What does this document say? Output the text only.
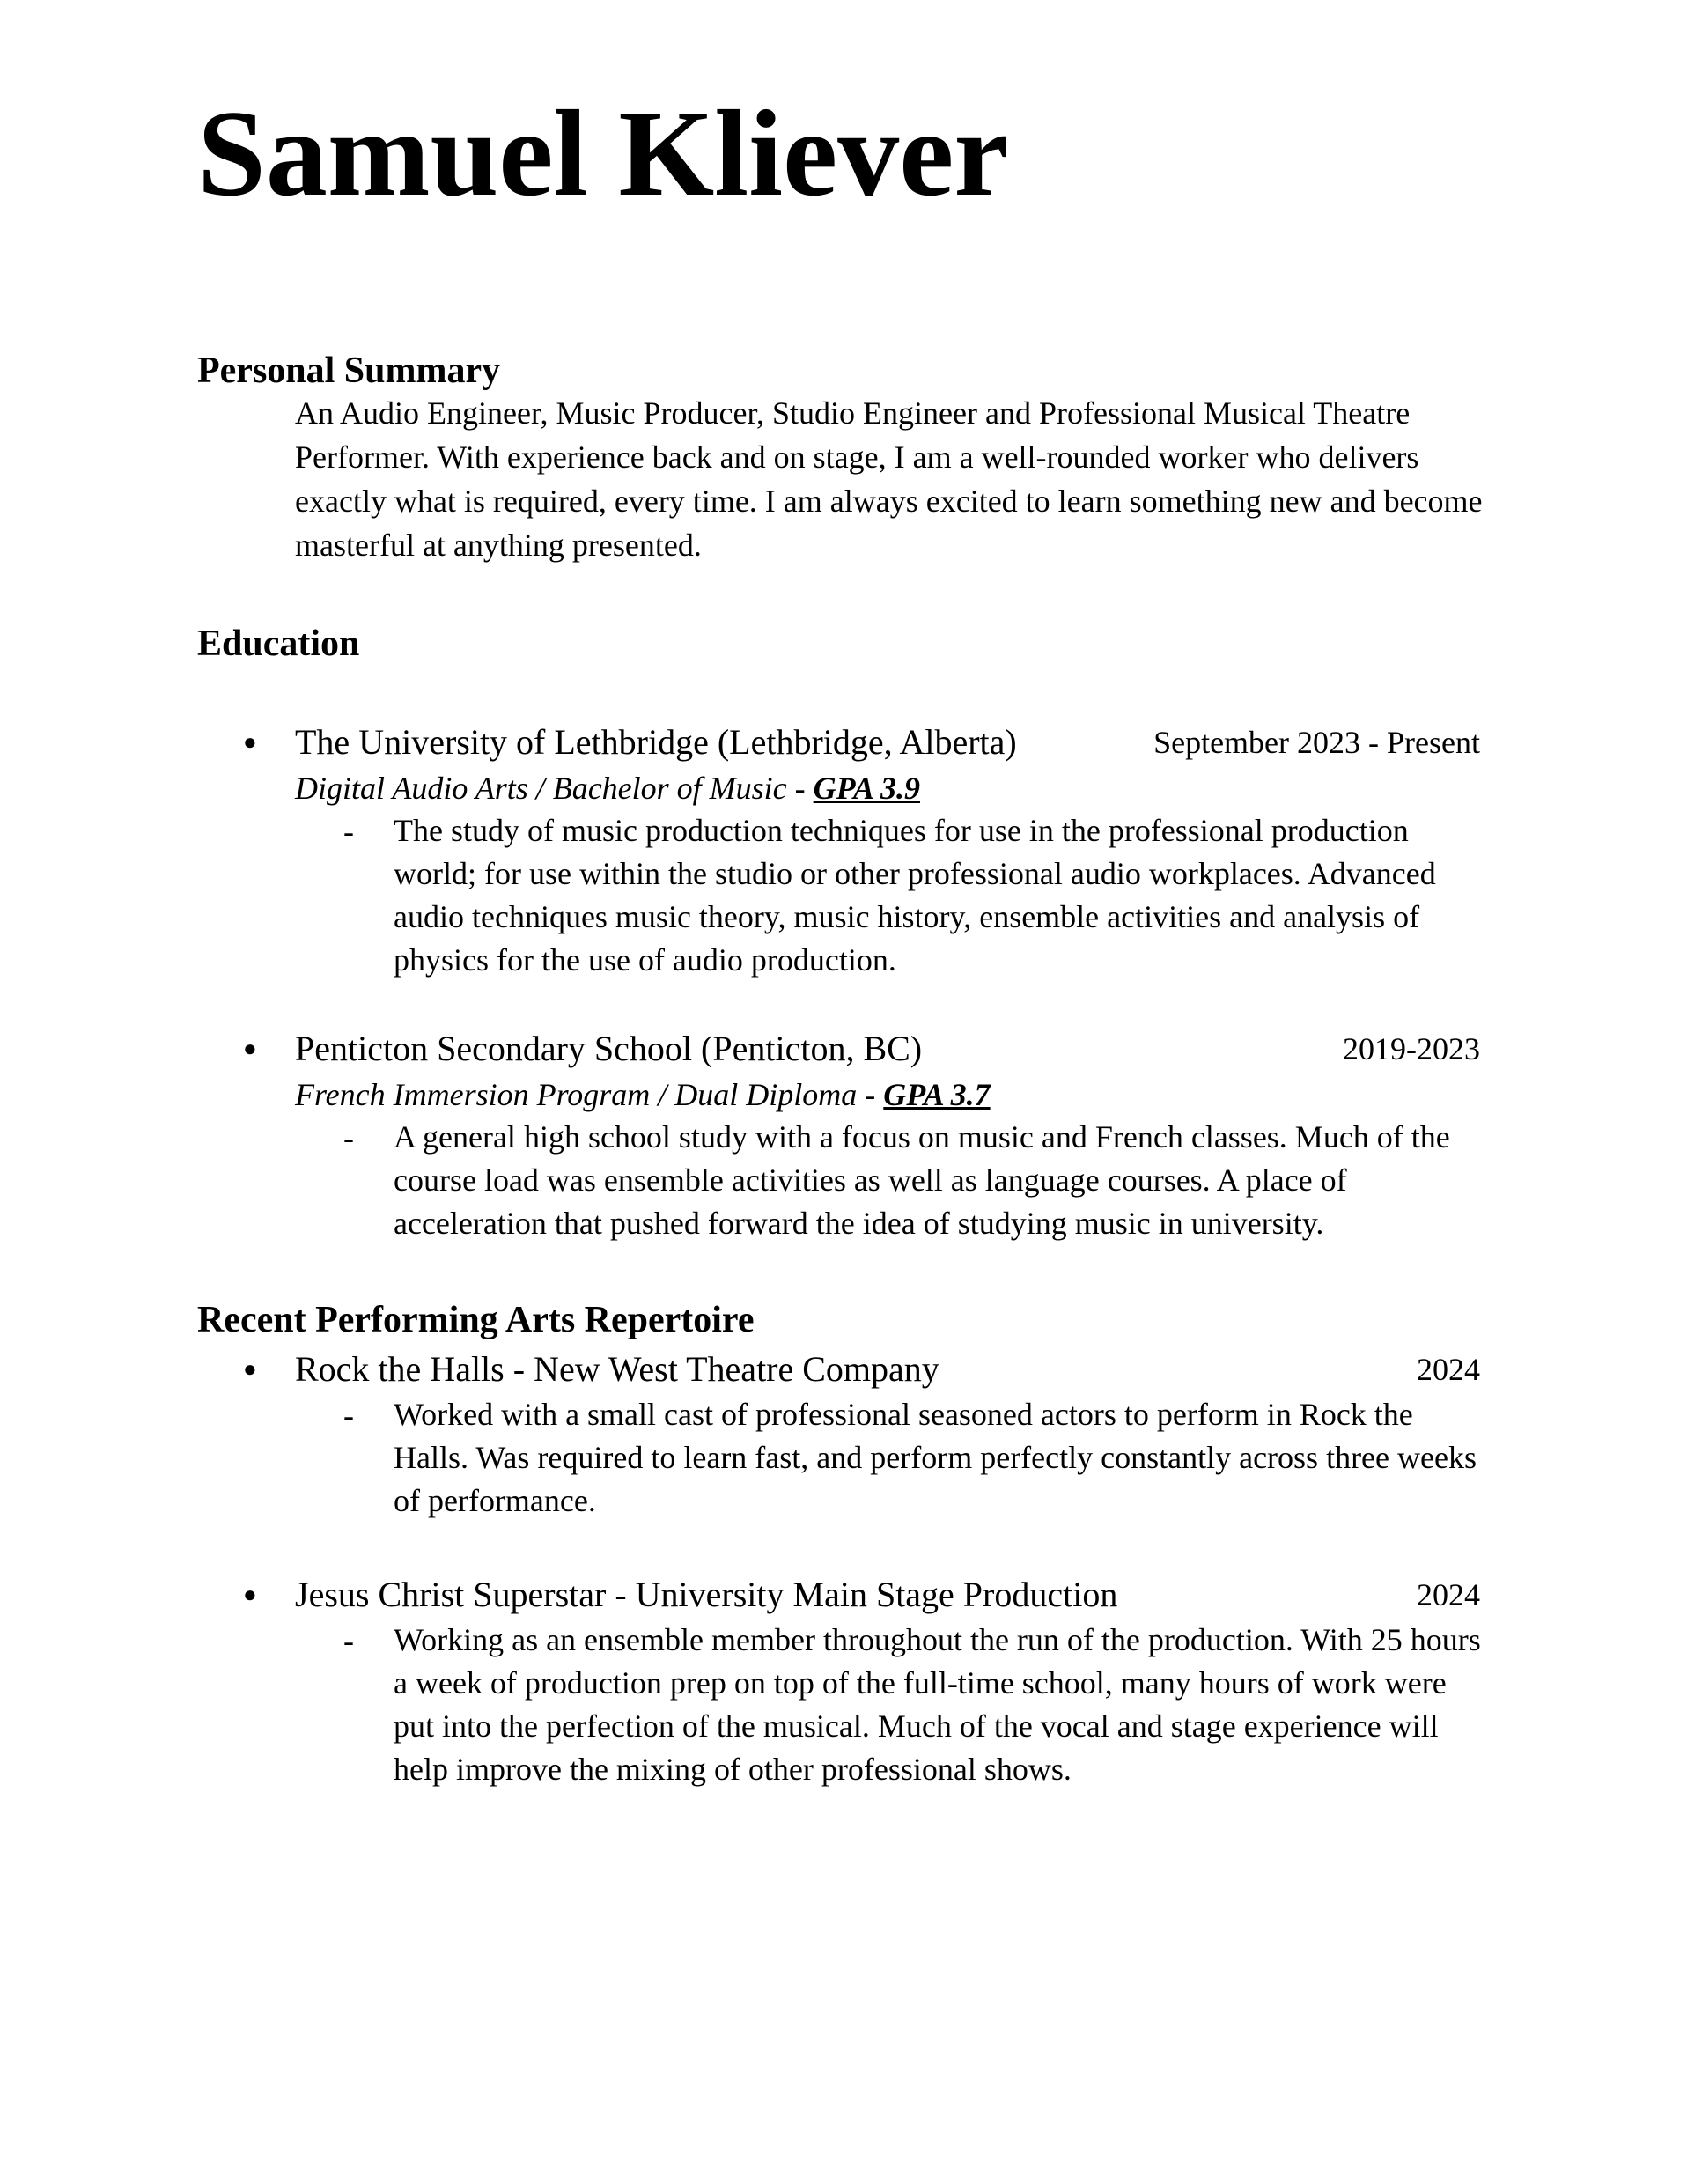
Samuel Kliever
Personal Summary

An Audio Engineer, Music Producer, Studio Engineer and Professional Musical Theatre Performer. With experience back and on stage, I am a well-rounded worker who delivers exactly what is required, every time. I am always excited to learn something new and become masterful at anything presented.

Education
● The University of Lethbridge (Lethbridge, Alberta)	September 2023 - Present
Digital Audio Arts / Bachelor of Music - GPA 3.9
- The study of music production techniques for use in the professional production world; for use within the studio or other professional audio workplaces. Advanced audio techniques music theory, music history, ensemble activities and analysis of physics for the use of audio production.

● Penticton Secondary School (Penticton, BC)	2019-2023
French Immersion Program / Dual Diploma - GPA 3.7
- A general high school study with a focus on music and French classes. Much of the course load was ensemble activities as well as language courses. A place of acceleration that pushed forward the idea of studying music in university.

Recent Performing Arts Repertoire
● Rock the Halls - New West Theatre Company	2024
- Worked with a small cast of professional seasoned actors to perform in Rock the Halls. Was required to learn fast, and perform perfectly constantly across three weeks of performance.

● Jesus Christ Superstar - University Main Stage Production	2024
- Working as an ensemble member throughout the run of the production. With 25 hours a week of production prep on top of the full-time school, many hours of work were put into the perfection of the musical. Much of the vocal and stage experience will help improve the mixing of other professional shows.
